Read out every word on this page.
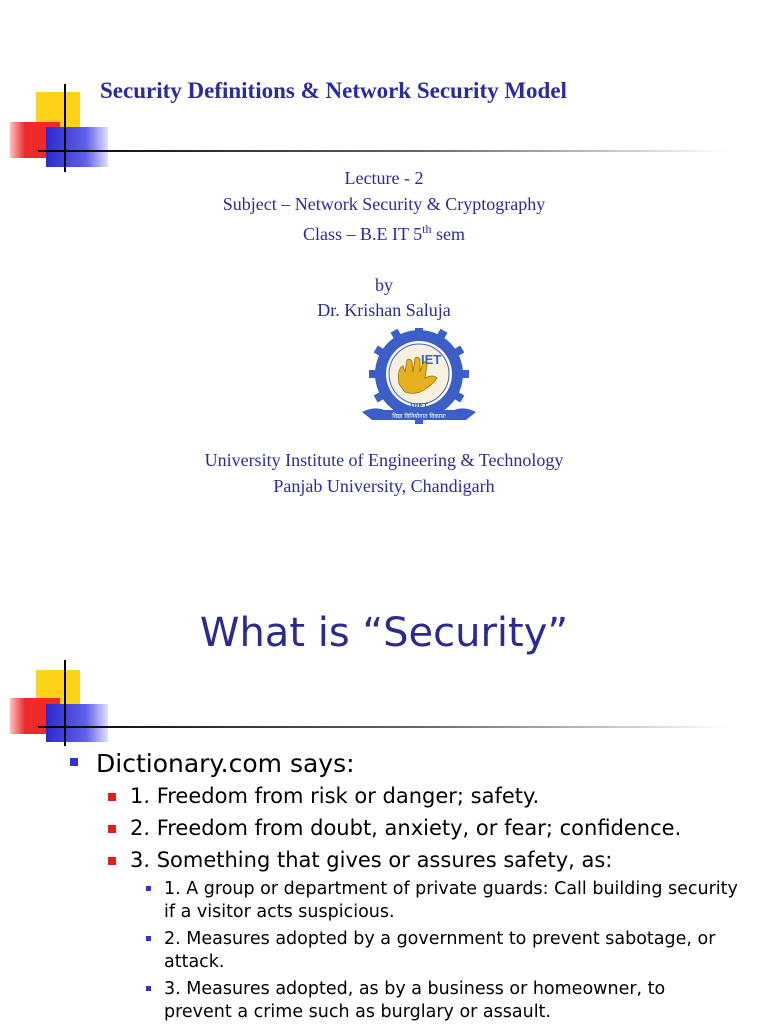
Security Definitions & Network Security Model
Lecture - 2
Subject – Network Security & Cryptography
Class – B.E IT 5th sem
by
Dr. Krishan Saluja
IET
विद्या विनियोगात विकासः
UIET
University Institute of Engineering & Technology
Panjab University, Chandigarh
What is “Security”
Dictionary.com says:
1. Freedom from risk or danger; safety.
2. Freedom from doubt, anxiety, or fear; confidence.
3. Something that gives or assures safety, as:
1. A group or department of private guards: Call building security if a visitor acts suspicious.
2. Measures adopted by a government to prevent sabotage, or attack.
3. Measures adopted, as by a business or homeowner, to prevent a crime such as burglary or assault.
